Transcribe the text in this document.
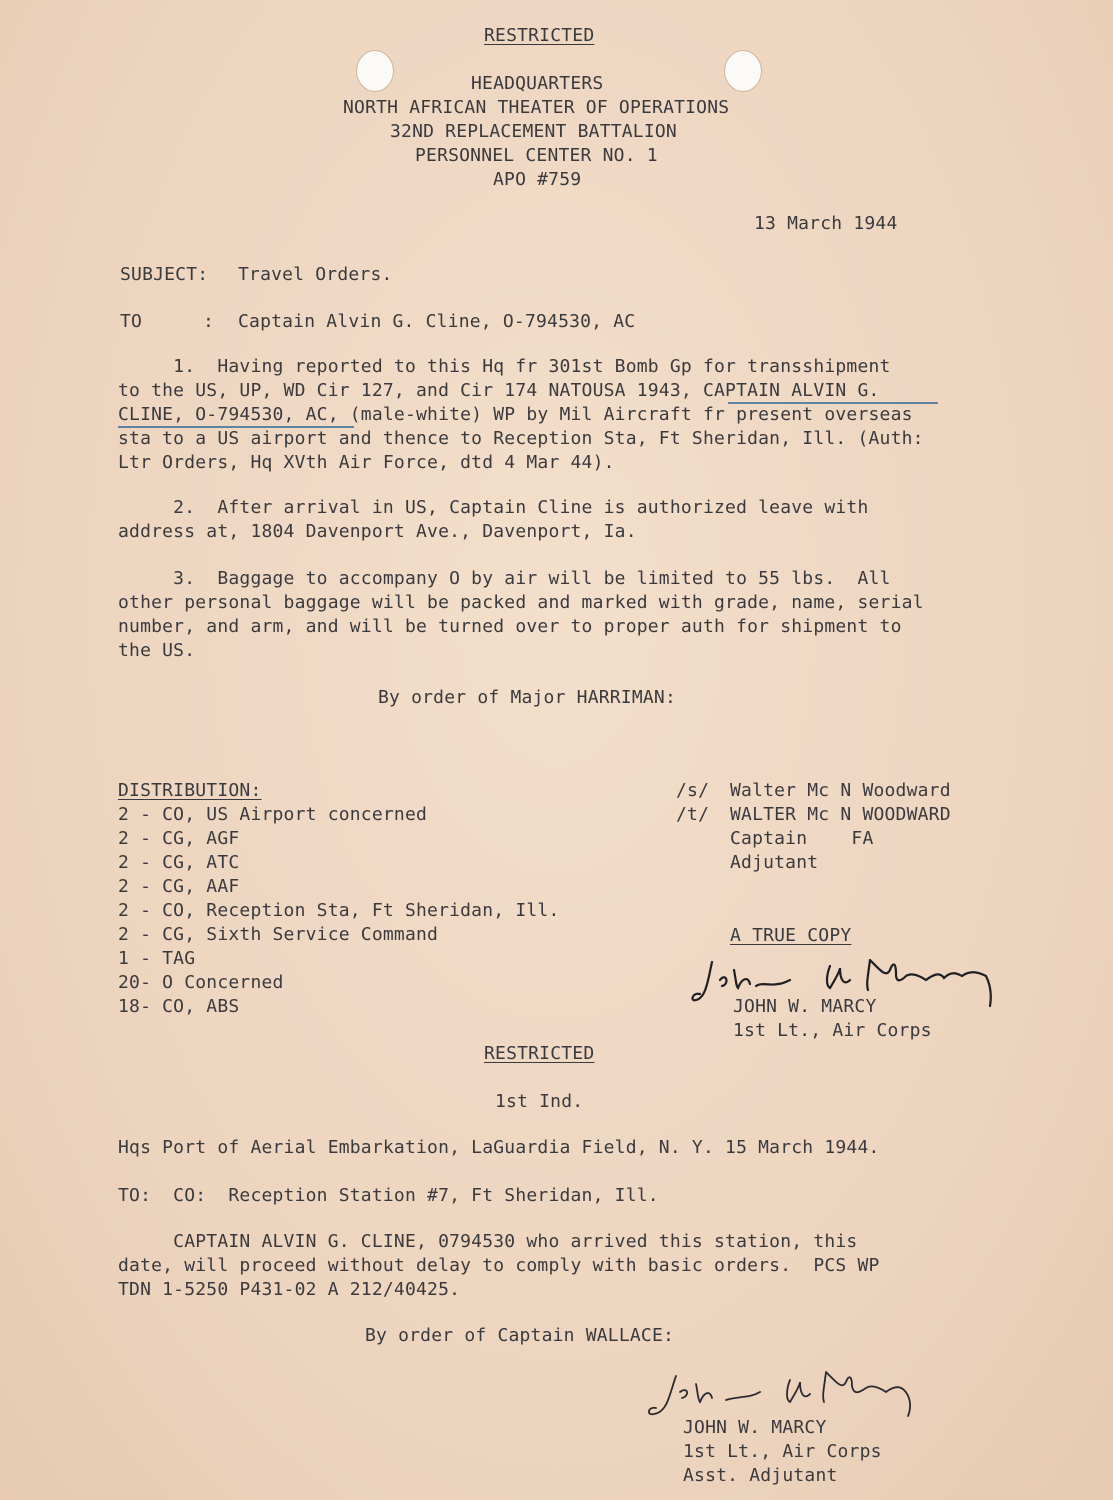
RESTRICTED
HEADQUARTERS
NORTH AFRICAN THEATER OF OPERATIONS
32ND REPLACEMENT BATTALION
PERSONNEL CENTER NO. 1
APO #759
13 March 1944
SUBJECT: Travel Orders.
TO	: Captain Alvin G. Cline, O-794530, AC
1.  Having reported to this Hq fr 301st Bomb Gp for transshipment
to the US, UP, WD Cir 127, and Cir 174 NATOUSA 1943, CAPTAIN ALVIN G.
CLINE, O-794530, AC, (male-white) WP by Mil Aircraft fr present overseas
sta to a US airport and thence to Reception Sta, Ft Sheridan, Ill. (Auth:
Ltr Orders, Hq XVth Air Force, dtd 4 Mar 44).
2.  After arrival in US, Captain Cline is authorized leave with
address at, 1804 Davenport Ave., Davenport, Ia.
3.  Baggage to accompany O by air will be limited to 55 lbs.  All
other personal baggage will be packed and marked with grade, name, serial
number, and arm, and will be turned over to proper auth for shipment to
the US.
By order of Major HARRIMAN:
DISTRIBUTION:
2 - CO, US Airport concerned
2 - CG, AGF
2 - CG, ATC
2 - CG, AAF
2 - CO, Reception Sta, Ft Sheridan, Ill.
2 - CG, Sixth Service Command
1 - TAG
20- O Concerned
18- CO, ABS
/s/ Walter Mc N Woodward
/t/ WALTER Mc N WOODWARD
Captain    FA
Adjutant
A TRUE COPY
JOHN W. MARCY
1st Lt., Air Corps
RESTRICTED
1st Ind.
Hqs Port of Aerial Embarkation, LaGuardia Field, N. Y. 15 March 1944.
TO:  CO:  Reception Station #7, Ft Sheridan, Ill.
CAPTAIN ALVIN G. CLINE, 0794530 who arrived this station, this
date, will proceed without delay to comply with basic orders.  PCS WP
TDN 1-5250 P431-02 A 212/40425.
By order of Captain WALLACE:
JOHN W. MARCY
1st Lt., Air Corps
Asst. Adjutant
